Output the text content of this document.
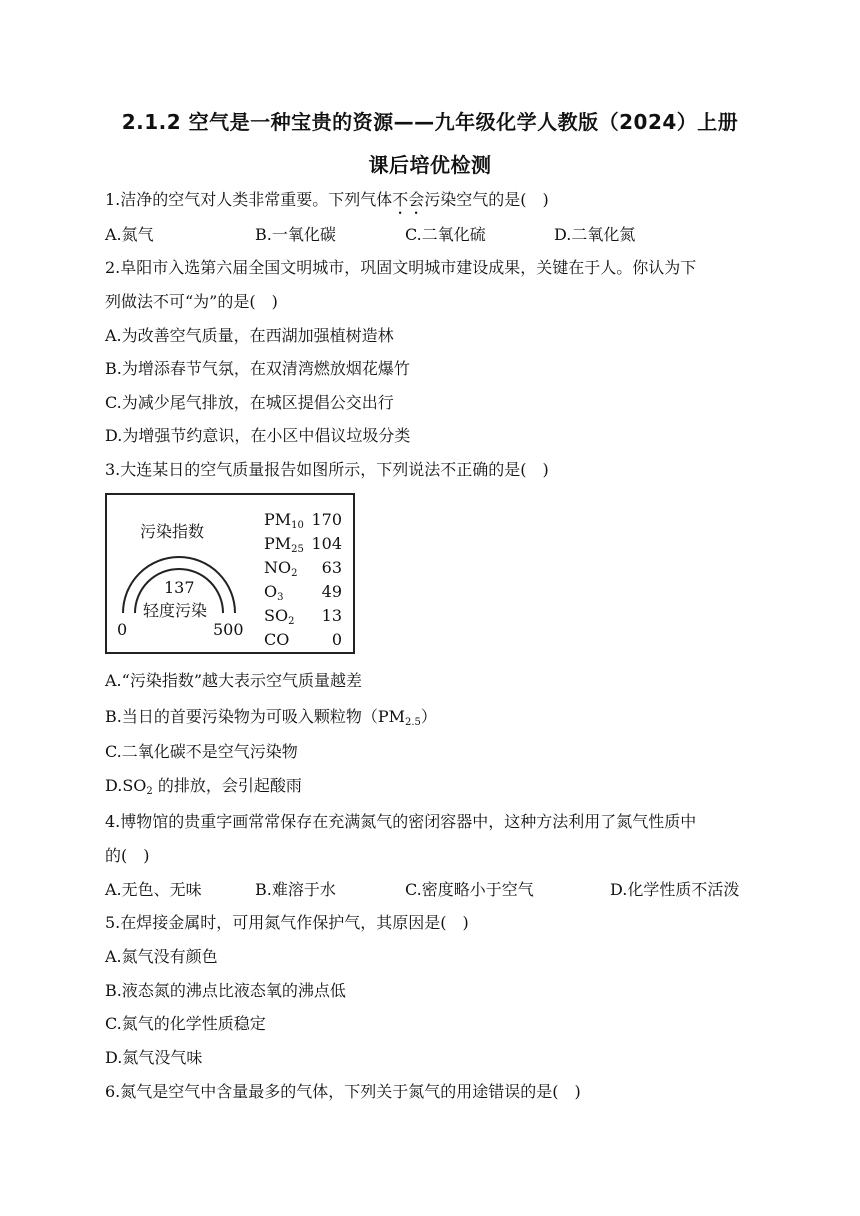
2.1.2 空气是一种宝贵的资源——九年级化学人教版（2024）上册
课后培优检测
1.洁净的空气对人类非常重要。下列气体不会污染空气的是(　)
A.氮气	B.一氧化碳	C.二氧化硫	D.二氧化氮
2.阜阳市入选第六届全国文明城市，巩固文明城市建设成果，关键在于人。你认为下
列做法不可“为”的是(　)
A.为改善空气质量，在西湖加强植树造林
B.为增添春节气氛，在双清湾燃放烟花爆竹
C.为减少尾气排放，在城区提倡公交出行
D.为增强节约意识，在小区中倡议垃圾分类
3.大连某日的空气质量报告如图所示，下列说法不正确的是(　)
污染指数
137
轻度污染
0	500
$PM_{10}$ 170
$PM_{25}$ 104
$NO_2$ 63
$O_3$ 49
$SO_2$ 13
CO	0
A.“污染指数”越大表示空气质量越差
B.当日的首要污染物为可吸入颗粒物$(PM_{2.5})$
C.二氧化碳不是空气污染物
$D.SO_2$ 的排放，会引起酸雨
4.博物馆的贵重字画常常保存在充满氮气的密闭容器中，这种方法利用了氮气性质中
的(　)
A.无色、无味	B.难溶于水	C.密度略小于空气	D.化学性质不活泼
5.在焊接金属时，可用氮气作保护气，其原因是(　)
A.氮气没有颜色
B.液态氮的沸点比液态氧的沸点低
C.氮气的化学性质稳定
D.氮气没气味
6.氮气是空气中含量最多的气体，下列关于氮气的用途错误的是(　)
